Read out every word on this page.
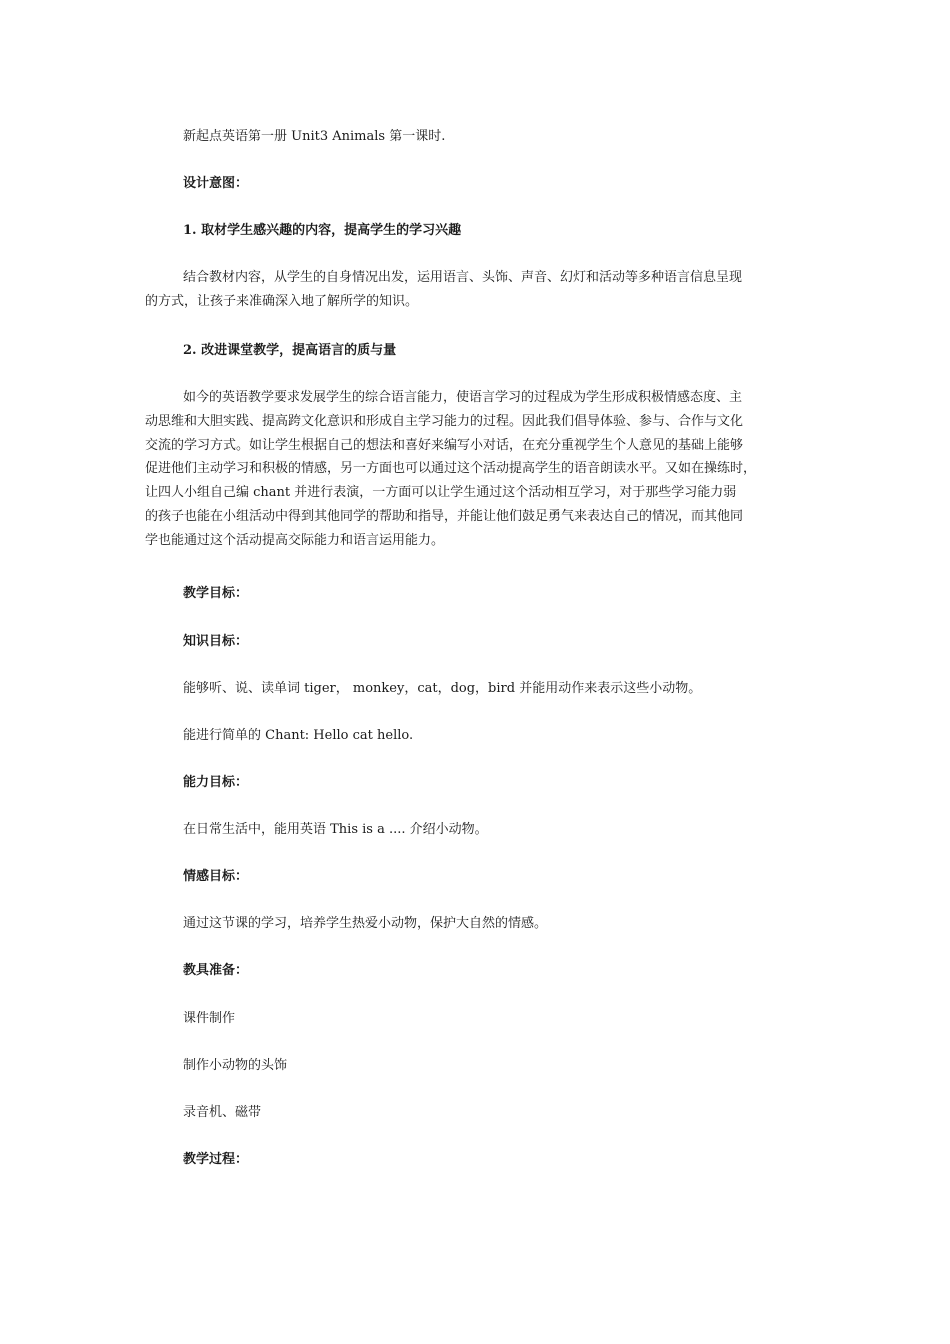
新起点英语第一册 Unit3 Animals 第一课时.
设计意图：
1. 取材学生感兴趣的内容，提高学生的学习兴趣
结合教材内容，从学生的自身情况出发，运用语言、头饰、声音、幻灯和活动等多种语言信息呈现
的方式，让孩子来准确深入地了解所学的知识。
2. 改进课堂教学，提高语言的质与量
如今的英语教学要求发展学生的综合语言能力，使语言学习的过程成为学生形成积极情感态度、主
动思维和大胆实践、提高跨文化意识和形成自主学习能力的过程。因此我们倡导体验、参与、合作与文化
交流的学习方式。如让学生根据自己的想法和喜好来编写小对话，在充分重视学生个人意见的基础上能够
促进他们主动学习和积极的情感，另一方面也可以通过这个活动提高学生的语音朗读水平。又如在操练时，
让四人小组自己编 chant 并进行表演，一方面可以让学生通过这个活动相互学习，对于那些学习能力弱
的孩子也能在小组活动中得到其他同学的帮助和指导，并能让他们鼓足勇气来表达自己的情况，而其他同
学也能通过这个活动提高交际能力和语言运用能力。
教学目标：
知识目标：
能够听、说、读单词 tiger， monkey，cat，dog，bird 并能用动作来表示这些小动物。
能进行简单的 Chant: Hello cat hello.
能力目标：
在日常生活中，能用英语 This is a .... 介绍小动物。
情感目标：
通过这节课的学习，培养学生热爱小动物，保护大自然的情感。
教具准备：
课件制作
制作小动物的头饰
录音机、磁带
教学过程：
